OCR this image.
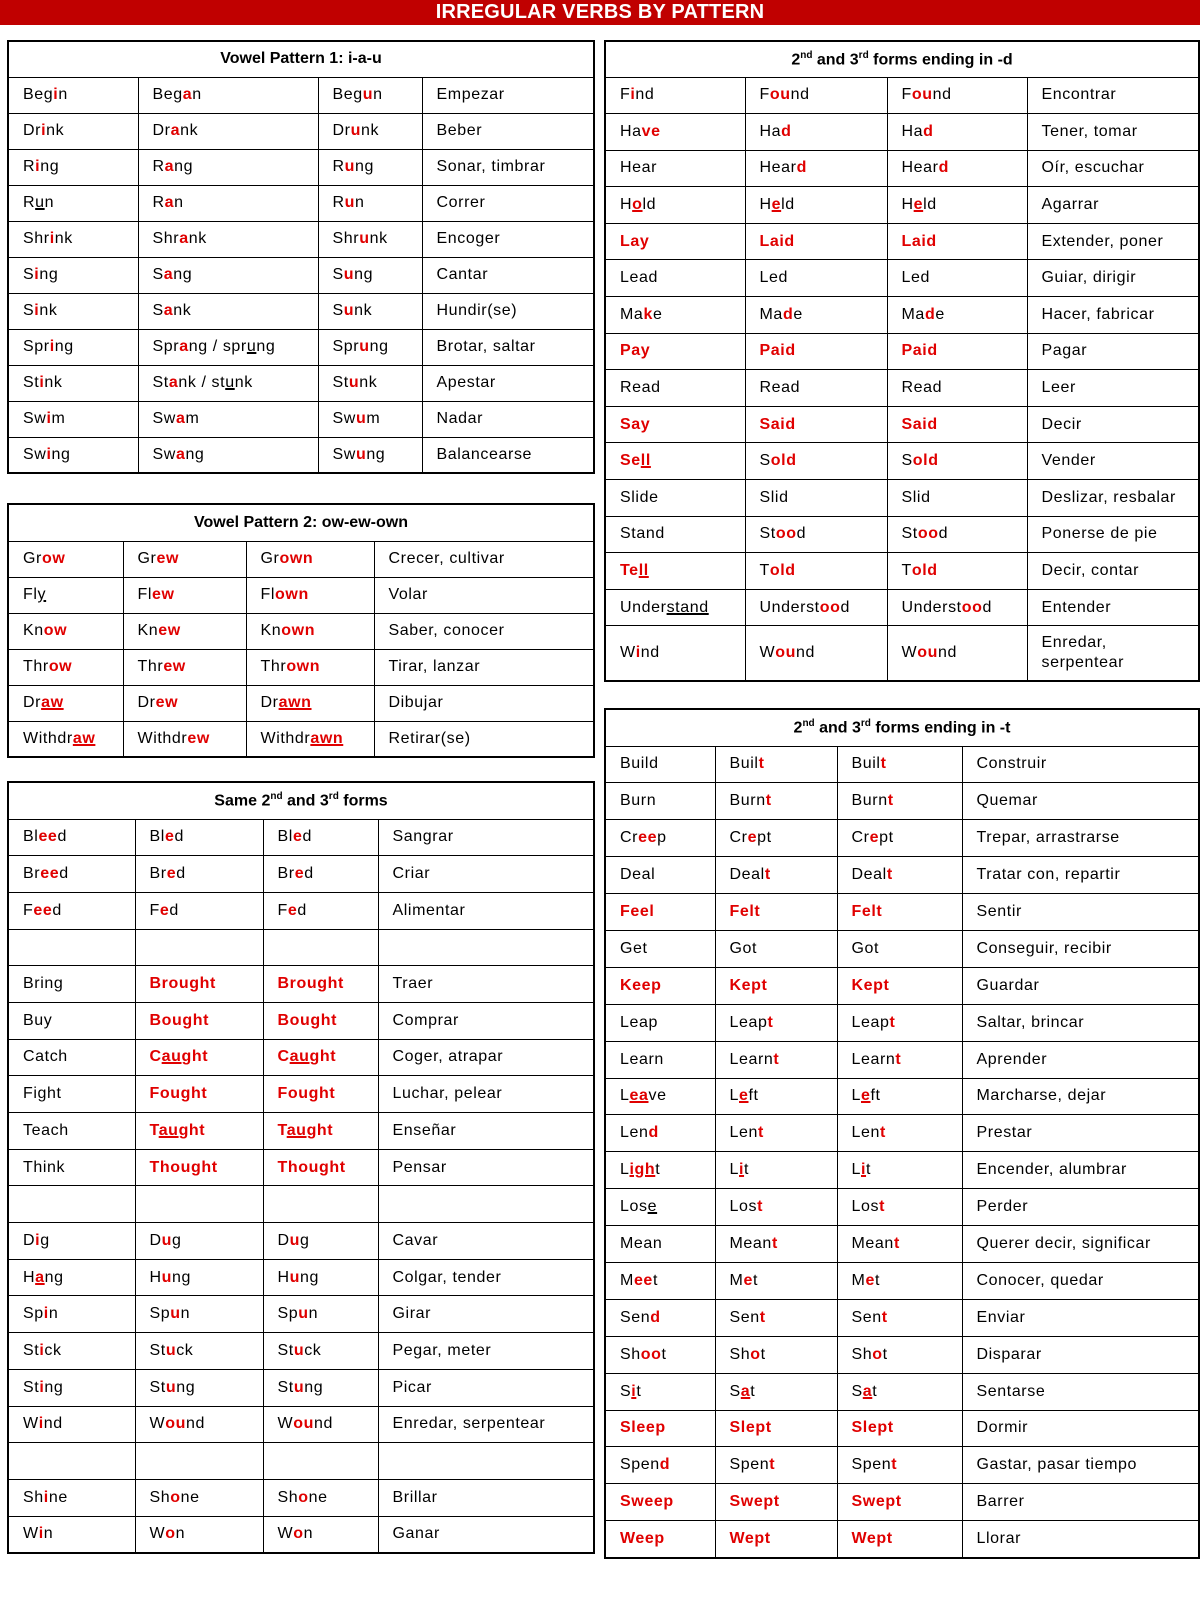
IRREGULAR VERBS BY PATTERN
Vowel Pattern 1: i-a-u			
Begin	Began	Begun	Empezar
Drink	Drank	Drunk	Beber
Ring	Rang	Rung	Sonar, timbrar
Run	Ran	Run	Correr
Shrink	Shrank	Shrunk	Encoger
Sing	Sang	Sung	Cantar
Sink	Sank	Sunk	Hundir(se)
Spring	Sprang / sprung	Sprung	Brotar, saltar
Stink	Stank / stunk	Stunk	Apestar
Swim	Swam	Swum	Nadar
Swing	Swang	Swung	Balancearse
Vowel Pattern 2: ow-ew-own			
Grow	Grew	Grown	Crecer, cultivar
Fly	Flew	Flown	Volar
Know	Knew	Known	Saber, conocer
Throw	Threw	Thrown	Tirar, lanzar
Draw	Drew	Drawn	Dibujar
Withdraw	Withdrew	Withdrawn	Retirar(se)
Same 2nd and 3rd forms			
Bleed	Bled	Bled	Sangrar
Breed	Bred	Bred	Criar
Feed	Fed	Fed	Alimentar

Bring	Brought	Brought	Traer
Buy	Bought	Bought	Comprar
Catch	Caught	Caught	Coger, atrapar
Fight	Fought	Fought	Luchar, pelear
Teach	Taught	Taught	Enseñar
Think	Thought	Thought	Pensar

Dig	Dug	Dug	Cavar
Hang	Hung	Hung	Colgar, tender
Spin	Spun	Spun	Girar
Stick	Stuck	Stuck	Pegar, meter
Sting	Stung	Stung	Picar
Wind	Wound	Wound	Enredar, serpentear

Shine	Shone	Shone	Brillar
Win	Won	Won	Ganar
2nd and 3rd forms ending in -d			
Find	Found	Found	Encontrar
Have	Had	Had	Tener, tomar
Hear	Heard	Heard	Oír, escuchar
Hold	Held	Held	Agarrar
Lay	Laid	Laid	Extender, poner
Lead	Led	Led	Guiar, dirigir
Make	Made	Made	Hacer, fabricar
Pay	Paid	Paid	Pagar
Read	Read	Read	Leer
Say	Said	Said	Decir
Sell	Sold	Sold	Vender
Slide	Slid	Slid	Deslizar, resbalar
Stand	Stood	Stood	Ponerse de pie
Tell	Told	Told	Decir, contar
Understand	Understood	Understood	Entender
Wind	Wound	Wound	Enredar,
serpentear
2nd and 3rd forms ending in -t			
Build	Built	Built	Construir
Burn	Burnt	Burnt	Quemar
Creep	Crept	Crept	Trepar, arrastrarse
Deal	Dealt	Dealt	Tratar con, repartir
Feel	Felt	Felt	Sentir
Get	Got	Got	Conseguir, recibir
Keep	Kept	Kept	Guardar
Leap	Leapt	Leapt	Saltar, brincar
Learn	Learnt	Learnt	Aprender
Leave	Left	Left	Marcharse, dejar
Lend	Lent	Lent	Prestar
Light	Lit	Lit	Encender, alumbrar
Lose	Lost	Lost	Perder
Mean	Meant	Meant	Querer decir, significar
Meet	Met	Met	Conocer, quedar
Send	Sent	Sent	Enviar
Shoot	Shot	Shot	Disparar
Sit	Sat	Sat	Sentarse
Sleep	Slept	Slept	Dormir
Spend	Spent	Spent	Gastar, pasar tiempo
Sweep	Swept	Swept	Barrer
Weep	Wept	Wept	Llorar
